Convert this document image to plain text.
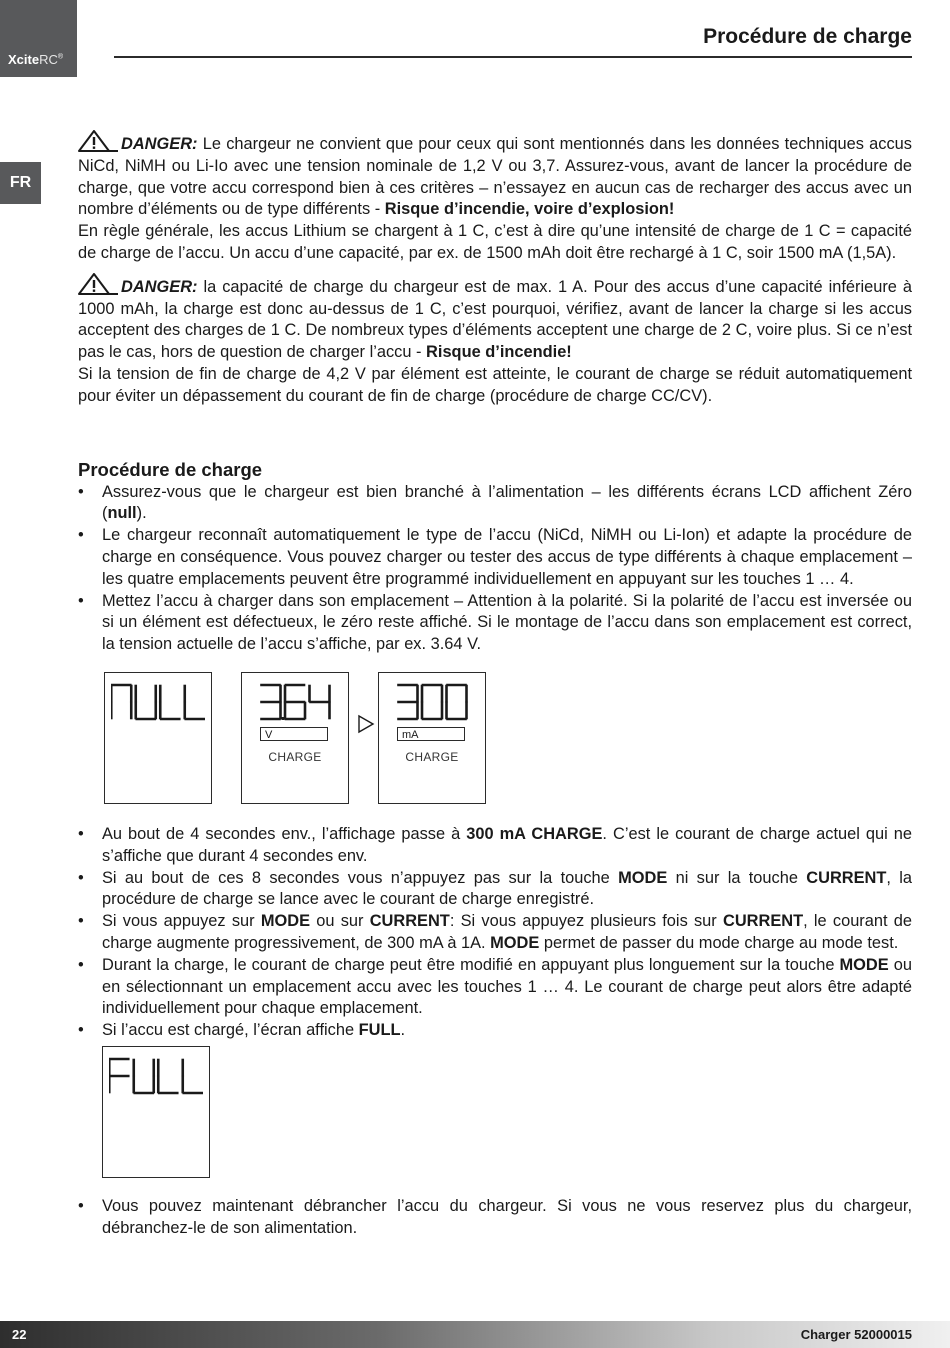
XciteRC®
FR
Procédure de charge

DANGER: Le chargeur ne convient que pour ceux qui sont mentionnés dans les données techniques accus NiCd, NiMH ou Li-Io avec une tension nominale de 1,2 V ou 3,7. Assurez-vous, avant de lancer la procédure de charge, que votre accu correspond bien à ces critères – n’essayez en aucun cas de recharger des accus avec un nombre d’éléments ou de type différents - Risque d’incendie, voire d’explosion!

En règle générale, les accus Lithium se chargent à 1 C, c’est à dire qu’une intensité de charge de 1 C = capacité de charge de l’accu. Un accu d’une capacité, par ex. de 1500 mAh doit être rechargé à 1 C, soir 1500 mA (1,5A).

DANGER: la capacité de charge du chargeur est de max. 1 A. Pour des accus d’une capacité inférieure à 1000 mAh, la charge est donc au-dessus de 1 C, c’est pourquoi, vérifiez, avant de lancer la charge si les accus acceptent des charges de 1 C. De nombreux types d’éléments acceptent une charge de 2 C, voire plus. Si ce n’est pas le cas, hors de question de charger l’accu - Risque d’incendie!

Si la tension de fin de charge de 4,2 V par élément est atteinte, le courant de charge se réduit automatiquement pour éviter un dépassement du courant de fin de charge (procédure de charge CC/CV).

Procédure de charge
• Assurez-vous que le chargeur est bien branché à l’alimentation – les différents écrans LCD affichent Zéro (null).
• Le chargeur reconnaît automatiquement le type de l’accu (NiCd, NiMH ou Li-Ion) et adapte la procédure de charge en conséquence. Vous pouvez charger ou tester des accus de type différents à chaque emplacement – les quatre emplacements peuvent être programmé individuellement en appuyant sur les touches 1 … 4.
• Mettez l’accu à charger dans son emplacement – Attention à la polarité. Si la polarité de l’accu est inversée ou si un élément est défectueux, le zéro reste affiché. Si le montage de l’accu dans son emplacement est correct, la tension actuelle de l’accu s’affiche, par ex. 3.64 V.
V
CHARGE
mA
CHARGE
• Au bout de 4 secondes env., l’affichage passe à 300 mA CHARGE. C’est le courant de charge actuel qui ne s’affiche que durant 4 secondes env.
• Si au bout de ces 8 secondes vous n’appuyez pas sur la touche MODE ni sur la touche CURRENT, la procédure de charge se lance avec le courant de charge enregistré.
• Si vous appuyez sur MODE ou sur CURRENT: Si vous appuyez plusieurs fois sur CURRENT, le courant de charge augmente progressivement, de 300 mA à 1A. MODE permet de passer du mode charge au mode test.
• Durant la charge, le courant de charge peut être modifié en appuyant plus longuement sur la touche MODE ou en sélectionnant un emplacement accu avec les touches 1 … 4. Le courant de charge peut alors être adapté individuellement pour chaque emplacement.
• Si l’accu est chargé, l’écran affiche FULL.
• Vous pouvez maintenant débrancher l’accu du chargeur. Si vous ne vous reservez plus du chargeur, débranchez-le de son alimentation.
22	Charger 52000015
